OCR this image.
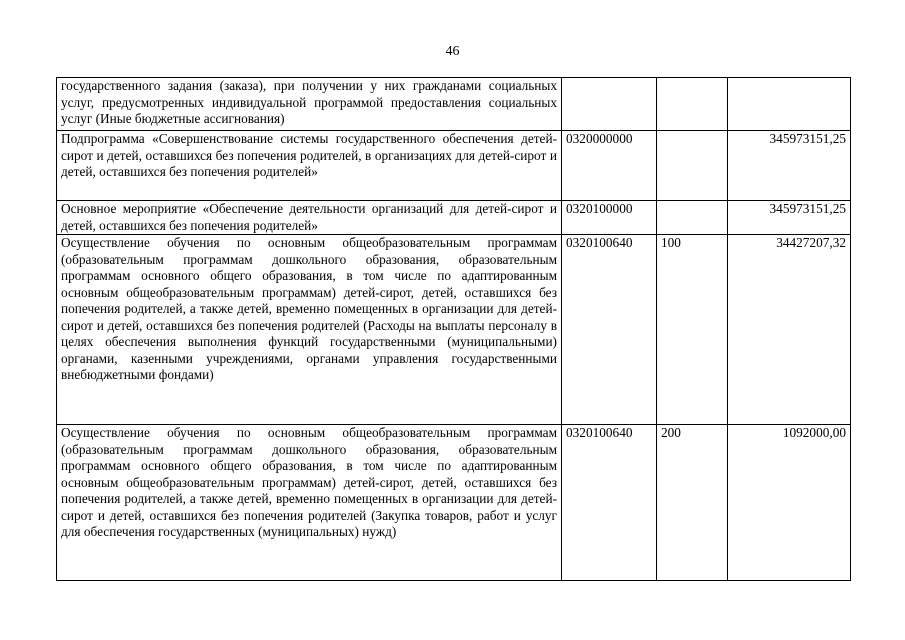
46
государственного задания (заказа), при получении у них гражданами социальных услуг, предусмотренных индивидуальной программой предоставления социальных услуг (Иные бюджетные ассигнования)			
Подпрограмма «Совершенствование системы государственного обеспечения детей-сирот и детей, оставшихся без попечения родителей, в организациях для детей-сирот и детей, оставшихся без попечения родителей»	0320000000		345973151,25
Основное мероприятие «Обеспечение деятельности организаций для детей-сирот и детей, оставшихся без попечения родителей»	0320100000		345973151,25
Осуществление обучения по основным общеобразовательным программам (образовательным программам дошкольного образования, образовательным программам основного общего образования, в том числе по адаптированным основным общеобразовательным программам) детей-сирот, детей, оставшихся без попечения родителей, а также детей, временно помещенных в организации для детей-сирот и детей, оставшихся без попечения родителей (Расходы на выплаты персоналу в целях обеспечения выполнения функций государственными (муниципальными) органами, казенными учреждениями, органами управления государственными внебюджетными фондами)	0320100640	100	34427207,32
Осуществление обучения по основным общеобразовательным программам (образовательным программам дошкольного образования, образовательным программам основного общего образования, в том числе по адаптированным основным общеобразовательным программам) детей-сирот, детей, оставшихся без попечения родителей, а также детей, временно помещенных в организации для детей-сирот и детей, оставшихся без попечения родителей (Закупка товаров, работ и услуг для обеспечения государственных (муниципальных) нужд)	0320100640	200	1092000,00
